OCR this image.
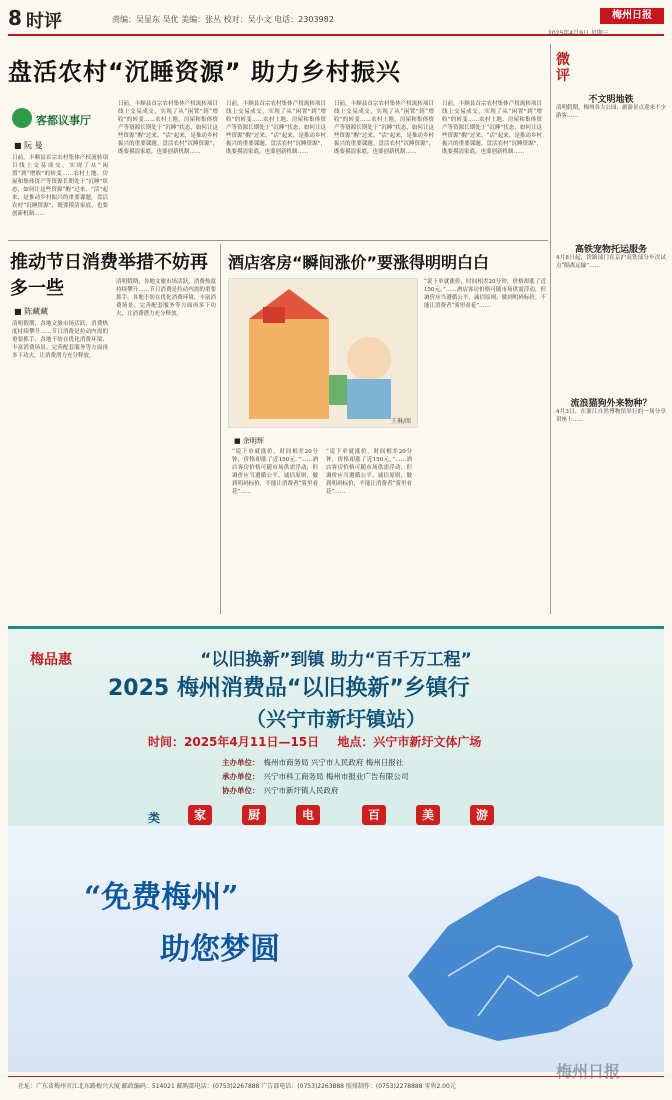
8 时评	责编：吴显东 吴优 美编：张丛 校对：吴小文 电话：2303982	梅州日报
2025年4月9日 星期三
盘活农村“沉睡资源” 助力乡村振兴
客都议事厅
■ 阮 曼
日前，丰顺县首宗农村集体产权流转项目线上交易成交，实现了从“闲置”到“增收”的转变……农村土地、房屋和集体资产等资源长期处于“沉睡”状态，如何让这些资源“醒”过来、“活”起来，是推动乡村振兴的重要课题。盘活农村“沉睡资源”，既要摸清家底，也要创新机制……
日前，丰顺县首宗农村集体产权流转项目线上交易成交，实现了从“闲置”到“增收”的转变……农村土地、房屋和集体资产等资源长期处于“沉睡”状态，如何让这些资源“醒”过来、“活”起来，是推动乡村振兴的重要课题。盘活农村“沉睡资源”，既要摸清家底，也要创新机制……
日前，丰顺县首宗农村集体产权流转项目线上交易成交，实现了从“闲置”到“增收”的转变……农村土地、房屋和集体资产等资源长期处于“沉睡”状态，如何让这些资源“醒”过来、“活”起来，是推动乡村振兴的重要课题。盘活农村“沉睡资源”，既要摸清家底，也要创新机制……
日前，丰顺县首宗农村集体产权流转项目线上交易成交，实现了从“闲置”到“增收”的转变……农村土地、房屋和集体资产等资源长期处于“沉睡”状态，如何让这些资源“醒”过来、“活”起来，是推动乡村振兴的重要课题。盘活农村“沉睡资源”，既要摸清家底，也要创新机制……
日前，丰顺县首宗农村集体产权流转项目线上交易成交，实现了从“闲置”到“增收”的转变……农村土地、房屋和集体资产等资源长期处于“沉睡”状态，如何让这些资源“醒”过来、“活”起来，是推动乡村振兴的重要课题。盘活农村“沉睡资源”，既要摸清家底，也要创新机制……
推动节日消费举措不妨再多一些
■ 陈藏藏
清明假期，各地文旅市场活跃，消费热度持续攀升……节日消费是拉动内需的重要抓手，各地不妨在优化消费环境、丰富消费场景、完善配套服务等方面再多下功夫，让消费潜力充分释放。
清明假期，各地文旅市场活跃，消费热度持续攀升……节日消费是拉动内需的重要抓手，各地不妨在优化消费环境、丰富消费场景、完善配套服务等方面再多下功夫，让消费潜力充分释放。
酒店客房“瞬间涨价”要涨得明明白白
王琳/图
■ 余明辉
“说下单就涨价，时间相差20分钟，价格却涨了近150元。”……酒店客房价格可随市场供需浮动，但调价应当遵循公平、诚信原则，做到明码标价，不能让消费者“雾里看花”……
“说下单就涨价，时间相差20分钟，价格却涨了近150元。”……酒店客房价格可随市场供需浮动，但调价应当遵循公平、诚信原则，做到明码标价，不能让消费者“雾里看花”……
“说下单就涨价，时间相差20分钟，价格却涨了近150元。”……酒店客房价格可随市场供需浮动，但调价应当遵循公平、诚信原则，做到明码标价，不能让消费者“雾里看花”……
微评
不文明地铁
清明假期，梅州各大公园、旅游景点迎来不少游客……
高铁宠物托运服务
4月8日起，铁路部门在京沪高铁部分车次试点“隔离运输”……
流浪猫狗外来物种？
4月3日，在浙江自然博物馆举行的一场分享讲座上……
梅品惠	“以旧换新”到镇 助力“百千万工程”
2025 梅州消费品“以旧换新”乡镇行
（兴宁市新圩镇站）
时间：2025年4月11日—15日 地点：兴宁市新圩文体广场
主办单位： 梅州市商务局 兴宁市人民政府 梅州日报社
承办单位： 兴宁市科工商务局 梅州市报业广告有限公司
协办单位： 兴宁市新圩镇人民政府
类	家	厨	电	百	美	游
“免费梅州”
助您梦圆
梅州日报
社址：广东省梅州市江北东路梅兴大厦 邮政编码：514021 邮购部电话：(0753)2267888 广告部电话：(0753)2263888 照排制作：(0753)2278888 零售2.00元
